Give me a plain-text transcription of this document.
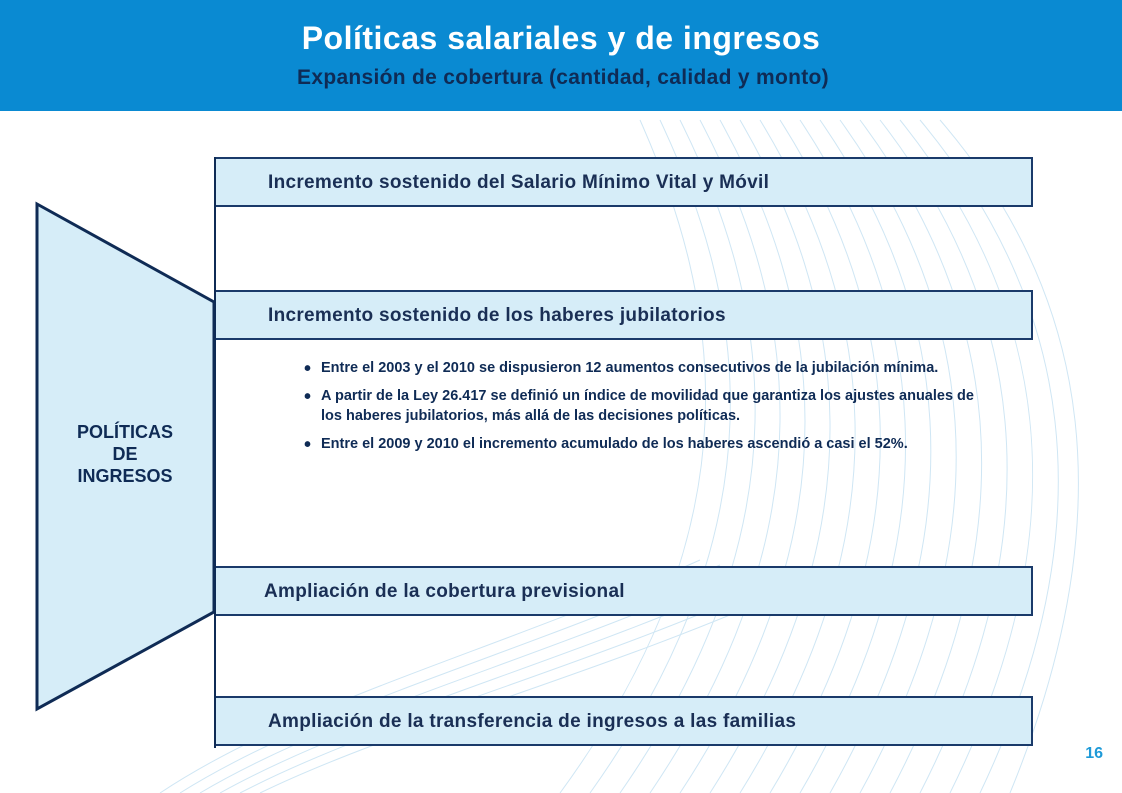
Políticas salariales y de ingresos
Expansión de cobertura (cantidad, calidad y monto)
POLÍTICAS
DE
INGRESOS
Incremento sostenido del Salario Mínimo Vital y Móvil
Incremento sostenido de los haberes jubilatorios
• Entre el 2003 y el 2010 se dispusieron 12 aumentos consecutivos de la jubilación mínima.
• A partir de la Ley 26.417 se definió un índice de movilidad que garantiza los ajustes anuales de los haberes jubilatorios, más allá de las decisiones políticas.
• Entre el 2009 y 2010 el incremento acumulado de los haberes ascendió a casi el 52%.
Ampliación de la cobertura previsional
Ampliación de la transferencia de ingresos a las familias
16
